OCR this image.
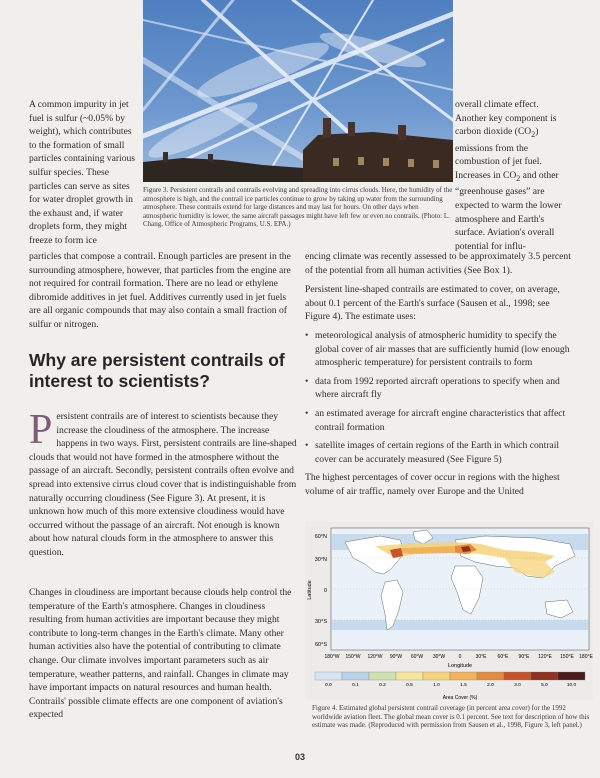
A common impurity in jet fuel is sulfur (~0.05% by weight), which contributes to the formation of small particles containing various sulfur species. These particles can serve as sites for water droplet growth in the exhaust and, if water droplets form, they might freeze to form ice
Figure 3. Persistent contrails and contrails evolving and spreading into cirrus clouds. Here, the humidity of the atmosphere is high, and the contrail ice particles continue to grow by taking up water from the surrounding atmosphere. These contrails extend for large distances and may last for hours. On other days when atmospheric humidity is lower, the same aircraft passages might have left few or even no contrails. (Photo: L. Chang, Office of Atmospheric Programs, U.S. EPA.)
overall climate effect. Another key component is carbon dioxide $(CO_2)$ emissions from the combustion of jet fuel. Increases in $CO_2$ and other “greenhouse gases” are expected to warm the lower atmosphere and Earth's surface. Aviation's overall potential for influ-
particles that compose a contrail. Enough particles are present in the surrounding atmosphere, however, that particles from the engine are not required for contrail formation. There are no lead or ethylene dibromide additives in jet fuel. Additives currently used in jet fuels are all organic compounds that may also contain a small fraction of sulfur or nitrogen.

encing climate was recently assessed to be approximately 3.5 percent of the potential from all human activities (See Box 1).

Persistent line-shaped contrails are estimated to cover, on average, about 0.1 percent of the Earth's surface (Sausen et al., 1998; see Figure 4). The estimate uses:

• meteorological analysis of atmospheric humidity to specify the global cover of air masses that are sufficiently humid (low enough atmospheric temperature) for persistent contrails to form
• data from 1992 reported aircraft operations to specify when and where aircraft fly
• an estimated average for aircraft engine characteristics that affect contrail formation
• satellite images of certain regions of the Earth in which contrail cover can be accurately measured (See Figure 5)

The highest percentages of cover occur in regions with the highest volume of air traffic, namely over Europe and the United

Why are persistent contrails of interest to scientists?
Persistent contrails are of interest to scientists because they increase the cloudiness of the atmosphere. The increase happens in two ways. First, persistent contrails are line-shaped clouds that would not have formed in the atmosphere without the passage of an aircraft. Secondly, persistent contrails often evolve and spread into extensive cirrus cloud cover that is indistinguishable from naturally occurring cloudiness (See Figure 3). At present, it is unknown how much of this more extensive cloudiness would have occurred without the passage of an aircraft. Not enough is known about how natural clouds form in the atmosphere to answer this question.
Changes in cloudiness are important because clouds help control the temperature of the Earth's atmosphere. Changes in cloudiness resulting from human activities are important because they might contribute to long-term changes in the Earth's climate. Many other human activities also have the potential of contributing to climate change. Our climate involves important parameters such as air temperature, weather patterns, and rainfall. Changes in climate may have important impacts on natural resources and human health. Contrails' possible climate effects are one component of aviation's expected
60°N
30°N
0
30°S
60°S
Latitude
180°W 150°W 120°W 90°W 60°W 30°W	0	30°E 60°E 90°E 120°E 150°E 180°E
Longitude
0.0	0.1	0.2	0.5	1.0	1.5	2.0	3.0	5.0	10.0
Area Cover (%)
Figure 4. Estimated global persistent contrail coverage (in percent area cover) for the 1992 worldwide aviation fleet. The global mean cover is 0.1 percent. See text for description of how this estimate was made. (Reproduced with permission from Sausen et al., 1998, Figure 3, left panel.)
03
